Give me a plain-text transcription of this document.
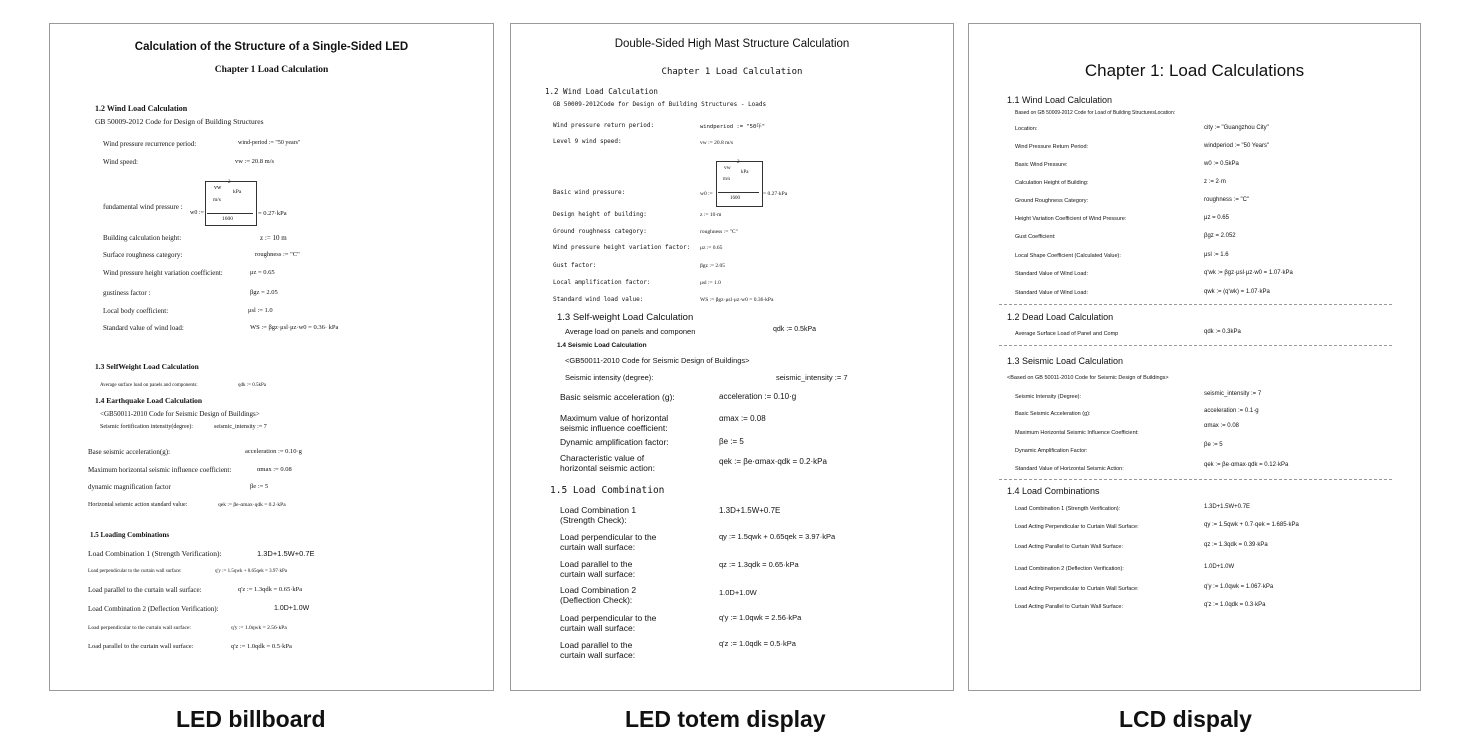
Calculation of the Structure of a Single-Sided LED
Chapter 1 Load Calculation
1.2 Wind Load Calculation
GB 50009-2012 Code for Design of Building Structures
Wind pressure recurrence period:	wind-period := "50 years"
Wind speed:	vw := 20.8 m/s
fundamental wind pressure :
w0 :=
vw
m/s
kPa
2
1600
= 0.27·kPa
Building calculation height:	z := 10 m
Surface roughness category:	roughness := "C"
Wind pressure height variation coefficient:	μz = 0.65
gustiness factor :	βgz = 2.05
Local body coefficient:	μsl := 1.0
Standard value of wind load:	WS := βgz·μsl·μz·w0 = 0.36· kPa
1.3 SelfWeight Load Calculation
Average surface load on panels and components:	qdk := 0.5kPa
1.4 Earthquake Load Calculation
<GB50011-2010 Code for Seismic Design of Buildings>
Seismic fortification intensity(degree):	seismic_intensity := 7
Base seismic acceleration(g):	acceleration := 0.10·g
Maximum horizontal seismic influence coefficient:	αmax := 0.08
dynamic magnification factor	βe := 5
Horizontal seismic action standard value:	qek := βe·αmax·qdk = 0.2·kPa
1.5 Loading Combinations
Load Combination 1 (Strength Verification):	1.3D+1.5W+0.7E
Load perpendicular to the curtain wall surface:	q'y := 1.5qwk + 0.65qek = 3.97·kPa
Load parallel to the curtain wall surface:	q'z := 1.3qdk = 0.65·kPa
Load Combination 2 (Deflection Verification):	1.0D+1.0W
Load perpendicular to the curtain wall surface:	q'y := 1.0qwk = 2.56·kPa
Load parallel to the curtain wall surface:	q'z := 1.0qdk = 0.5·kPa
Double-Sided High Mast Structure Calculation
Chapter 1 Load Calculation
1.2 Wind Load Calculation
GB 50009-2012Code for Design of Building Structures - Loads
Wind pressure return period:	windperiod := "50年"
Level 9 wind speed:	vw := 20.8 m/s
Basic wind pressure:	w0 :=
vw
m/s
kPa
2
1600
= 0.27·kPa
Design height of building:	z := 10·m
Ground roughness category:	roughness := "C"
Wind pressure height variation factor: μz := 0.65
Gust factor:	βgz := 2.05
Local amplification factor:	μsl := 1.0
Standard wind load value:	WS := βgz·μsl·μz·w0 = 0.36·kPa
1.3 Self-weight Load Calculation
Average load on panels and componen	qdk := 0.5kPa
1.4 Seismic Load Calculation
<GB50011-2010 Code for Seismic Design of Buildings>
Seismic intensity (degree):	seismic_intensity := 7
Basic seismic acceleration (g):	acceleration := 0.10·g
Maximum value of horizontal
seismic influence coefficient:
αmax := 0.08
Dynamic amplification factor:	βe := 5
Characteristic value of
horizontal seismic action:
qek := βe·αmax·qdk = 0.2·kPa
1.5 Load Combination
Load Combination 1
(Strength Check):
1.3D+1.5W+0.7E
Load perpendicular to the
curtain wall surface:
qy := 1.5qwk + 0.65qek = 3.97·kPa
Load parallel to the
curtain wall surface:
qz := 1.3qdk = 0.65·kPa
Load Combination 2
(Deflection Check):
1.0D+1.0W
Load perpendicular to the
curtain wall surface:
q'y := 1.0qwk = 2.56·kPa
Load parallel to the
curtain wall surface:
q'z := 1.0qdk = 0.5·kPa
Chapter 1: Load Calculations
1.1 Wind Load Calculation
Based on GB 50009-2012 Code for Load of Building StructuresLocation:
Location:	city := "Guangzhou City"
Wind Pressure Return Period:	windperiod := "50 Years"
Basic Wind Pressure:	w0 := 0.5kPa
Calculation Height of Building:	z := 2·m
Ground Roughness Category:	roughness := "C"
Height Variation Coefficient of Wind Pressure:	μz = 0.65
Gust Coefficient:	βgz = 2.052
Local Shape Coefficient (Calculated Value):	μsl := 1.6
Standard Value of Wind Load:	q'wk := βgz·μsl·μz·w0 = 1.07·kPa
Standard Value of Wind Load:	qwk := (q'wk) = 1.07·kPa
1.2 Dead Load Calculation
Average Surface Load of Panel and Comp	qdk := 0.3kPa
1.3 Seismic Load Calculation
<Based on GB 50011-2010 Code for Seismic Design of Buildings>
Seismic Intensity (Degree):	seismic_intensity := 7
Basic Seismic Acceleration (g):	acceleration := 0.1·g
Maximum Horizontal Seismic Influence Coefficient:
αmax := 0.08
Dynamic Amplification Factor:
βe := 5
Standard Value of Horizontal Seismic Action:
qek := βe·αmax·qdk = 0.12·kPa
1.4 Load Combinations
Load Combination 1 (Strength Verification):	1.3D+1.5W+0.7E
Load Acting Perpendicular to Curtain Wall Surface:	qy := 1.5qwk + 0.7·qek = 1.685·kPa
Load Acting Parallel to Curtain Wall Surface:	qz := 1.3qdk = 0.39·kPa
Load Combination 2 (Deflection Verification):	1.0D+1.0W
Load Acting Perpendicular to Curtain Wall Surface:	q'y := 1.0qwk = 1.067·kPa
Load Acting Parallel to Curtain Wall Surface:	q'z := 1.0qdk = 0.3·kPa
LED billboard	LED totem display	LCD dispaly
